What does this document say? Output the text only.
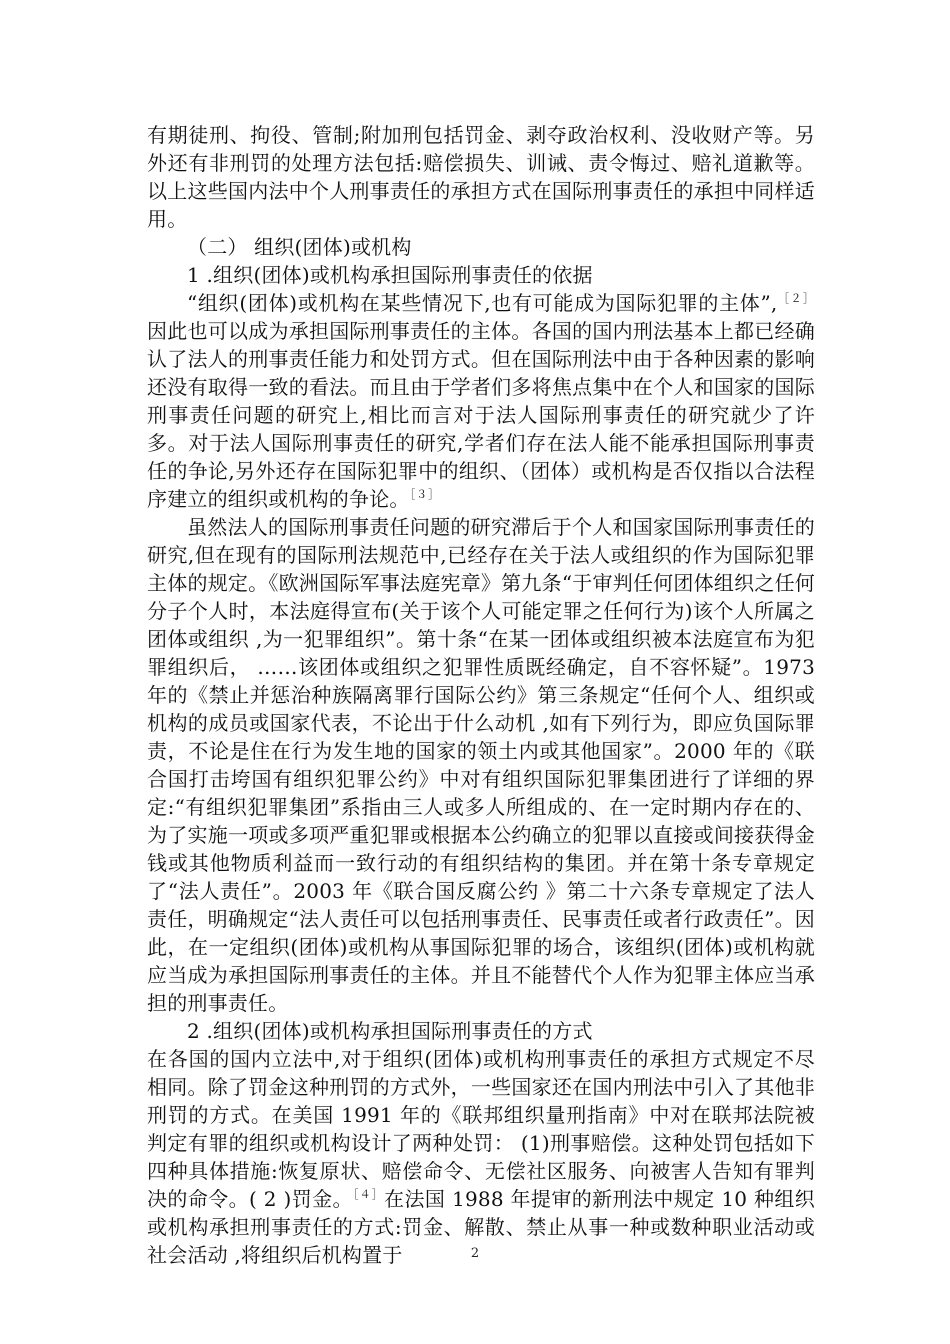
有期徒刑、拘役、管制;附加刑包括罚金、剥夺政治权利、没收财产等。另外还有非刑罚的处理方法包括:赔偿损失、训诫、责令悔过、赔礼道歉等。以上这些国内法中个人刑事责任的承担方式在国际刑事责任的承担中同样适用。

（二） 组织(团体)或机构

1 .组织(团体)或机构承担国际刑事责任的依据

“组织(团体)或机构在某些情况下,也有可能成为国际犯罪的主体”,$^{[2]}$因此也可以成为承担国际刑事责任的主体。各国的国内刑法基本上都已经确认了法人的刑事责任能力和处罚方式。但在国际刑法中由于各种因素的影响还没有取得一致的看法。而且由于学者们多将焦点集中在个人和国家的国际刑事责任问题的研究上,相比而言对于法人国际刑事责任的研究就少了许多。对于法人国际刑事责任的研究,学者们存在法人能不能承担国际刑事责任的争论,另外还存在国际犯罪中的组织、（团体）或机构是否仅指以合法程序建立的组织或机构的争论。$^{[3]}$

虽然法人的国际刑事责任问题的研究滞后于个人和国家国际刑事责任的研究,但在现有的国际刑法规范中,已经存在关于法人或组织的作为国际犯罪主体的规定。《欧洲国际军事法庭宪章》第九条“于审判任何团体组织之任何分子个人时，本法庭得宣布(关于该个人可能定罪之任何行为)该个人所属之团体或组织 ,为一犯罪组织”。第十条“在某一团体或组织被本法庭宣布为犯罪组织后， ……该团体或组织之犯罪性质既经确定，自不容怀疑”。1973 年的《禁止并惩治种族隔离罪行国际公约》第三条规定“任何个人、组织或机构的成员或国家代表，不论出于什么动机 ,如有下列行为，即应负国际罪责，不论是住在行为发生地的国家的领土内或其他国家”。2000 年的《联合国打击垮国有组织犯罪公约》中对有组织国际犯罪集团进行了详细的界定:“有组织犯罪集团”系指由三人或多人所组成的、在一定时期内存在的、为了实施一项或多项严重犯罪或根据本公约确立的犯罪以直接或间接获得金钱或其他物质利益而一致行动的有组织结构的集团。并在第十条专章规定了“法人责任”。2003 年《联合国反腐公约 》第二十六条专章规定了法人责任，明确规定“法人责任可以包括刑事责任、民事责任或者行政责任”。因此，在一定组织(团体)或机构从事国际犯罪的场合，该组织(团体)或机构就应当成为承担国际刑事责任的主体。并且不能替代个人作为犯罪主体应当承担的刑事责任。

2 .组织(团体)或机构承担国际刑事责任的方式

在各国的国内立法中,对于组织(团体)或机构刑事责任的承担方式规定不尽相同。除了罚金这种刑罚的方式外，一些国家还在国内刑法中引入了其他非刑罚的方式。在美国 1991 年的《联邦组织量刑指南》中对在联邦法院被判定有罪的组织或机构设计了两种处罚： (1)刑事赔偿。这种处罚包括如下四种具体措施:恢复原状、赔偿命令、无偿社区服务、向被害人告知有罪判决的命令。( 2 )罚金。$^{[4]}$在法国 1988 年提审的新刑法中规定 10 种组织或机构承担刑事责任的方式:罚金、解散、禁止从事一种或数种职业活动或社会活动 ,将组织后机构置于	2
